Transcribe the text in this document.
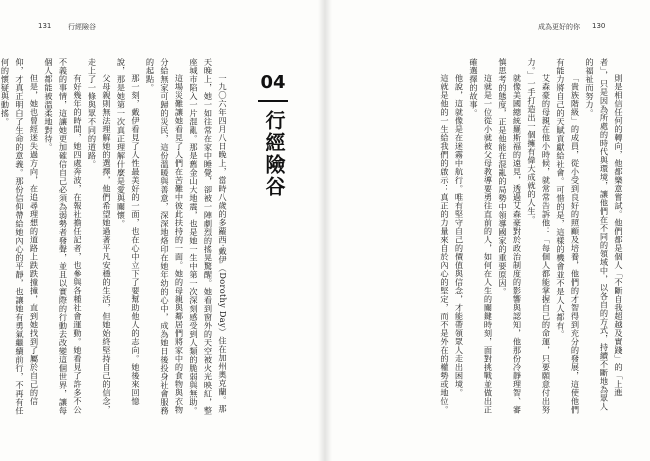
131 行經險谷	成為更好的你 130

則是相信任何的轉向，他都樂意嘗試。他們都是個人「不斷自我超越及實踐」的「上進者」，只是因為所處的時代與環境，讓他們在不同的領域中，以各自的方式，持續不斷地為眾人的福祉而努力。

「貴族階級」的成員，從小受到良好的照顧及培養，他們的才智得到充分的發展，這使他們有能力將自己的天賦貢獻給社會。可惜的是，這樣的機會並不是人人都有。

艾森豪的母親在他小時候，就常常告訴他：「每個人都能掌握自己的命運，只要願意付出努力。」一手打造出一個擁有偉大成就的人生。

就像美國總統羅斯福的遠見，透過艾森豪對於政治制度的影響與認知，他那份冷靜理智、審慎思考的態度，正是他能在混亂的局勢中領導國家的重要原因。

這就是一位從小就被父母教導要勇往直前的人，如何在人生的關鍵時刻，面對挑戰並做出正確選擇的故事。

他說，這就像是在迷霧中航行。唯有堅守自己的價值與信念，才能帶領眾人走出困境。

這就是他的一生給我們的啟示：真正的力量來自於內心的堅定，而不是外在的權勢或地位。

04
行經險谷

一九〇六年四月八日晚上，當時八歲的多蘿西·戴伊（Dorothy Day）住在加州奧克蘭。那天晚上，她一如往常在家中睡覺，卻被一陣劇烈的搖晃驚醒。她看到窗外的天空被火光映紅，整座城市陷入一片混亂。那是舊金山大地震，也是她一生中第一次深刻感受到人類的脆弱與無助。

這場災難讓她看見了人們在苦難中彼此扶持的一面。她的母親與鄰居們將家中的食物與衣物分給無家可歸的災民，這份溫暖與善意，深深地烙印在她年幼的心中，成為她日後投身社會服務的起點。

那一刻，戴伊看見了人性最美好的一面，也在心中立下了要幫助他人的志向。她後來回憶說，那是她第一次真正理解什麼是愛與關懷。

父母親則無法理解她的選擇，他們希望她過著平凡安穩的生活，但她始終堅持自己的信念，走上了一條與眾不同的道路。

有好幾年的時間，她四處奔波，在報社擔任記者，也參與各種社會運動。她看見了許多不公不義的事情，這讓她更加確信自己必須為弱勢者發聲，並且以實際的行動去改變這個世界，讓每個人都能被溫柔地對待。

但是，她也曾經迷失過方向，在追尋理想的道路上跌跌撞撞，直到她找到了屬於自己的信仰，才真正明白了生命的意義。那份信仰帶給她內心的平靜，也讓她有勇氣繼續前行，不再有任何的懷疑與動搖。
